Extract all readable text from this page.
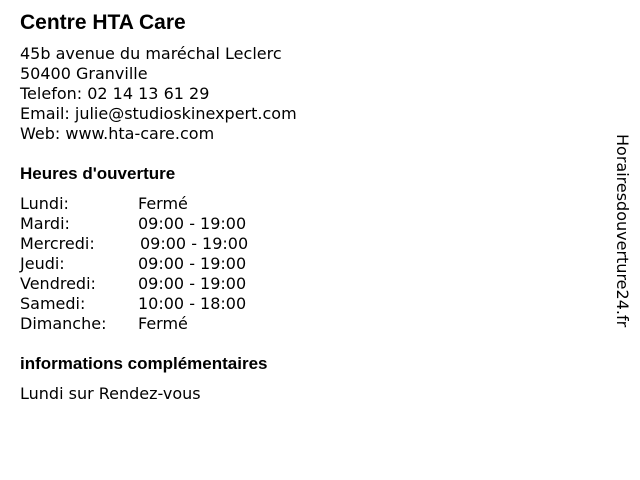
Centre HTA Care
45b avenue du maréchal Leclerc
50400 Granville
Telefon: 02 14 13 61 29
Email: julie@studioskinexpert.com
Web: www.hta-care.com
Heures d'ouverture
Lundi:	Fermé
Mardi:	09:00 - 19:00
Mercredi:	09:00 - 19:00
Jeudi:	09:00 - 19:00
Vendredi:	09:00 - 19:00
Samedi:	10:00 - 18:00
Dimanche: Fermé
informations complémentaires
Lundi sur Rendez-vous
Horairesdouverture24.fr
